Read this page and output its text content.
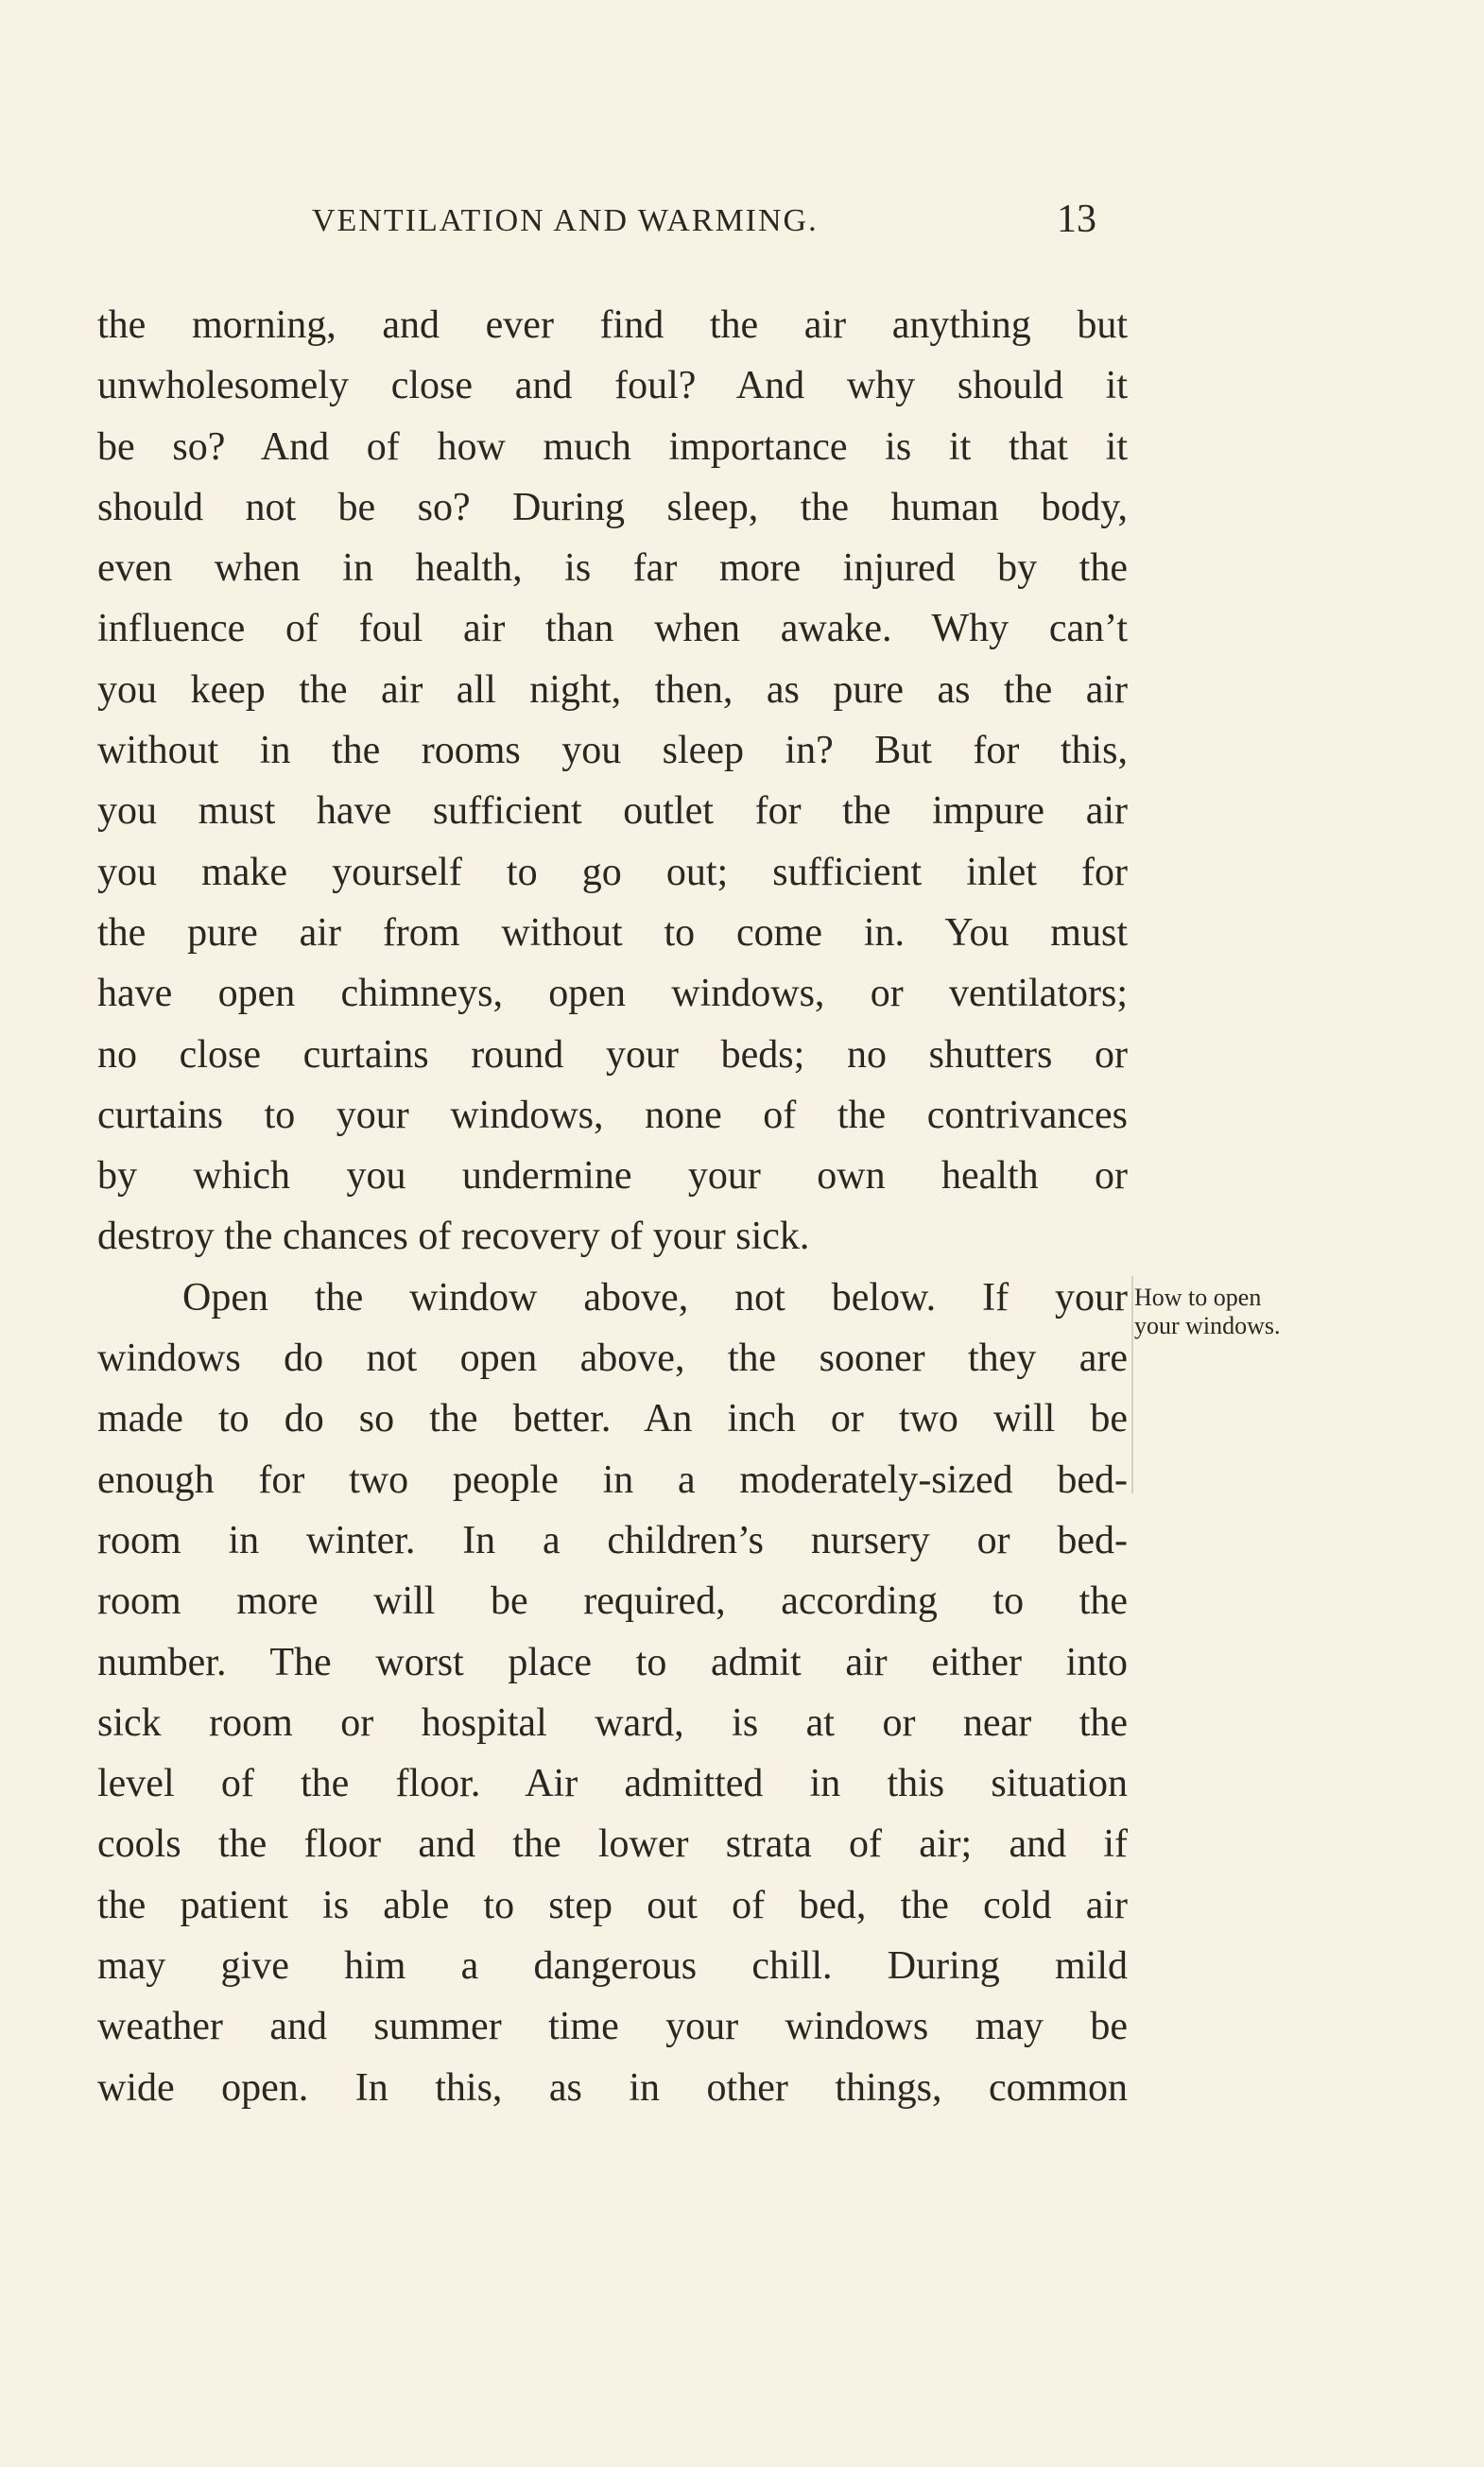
VENTILATION AND WARMING.	13
the morning, and ever find the air anything but
unwholesomely close and foul? And why should it
be so? And of how much importance is it that it
should not be so? During sleep, the human body,
even when in health, is far more injured by the
influence of foul air than when awake. Why can’t
you keep the air all night, then, as pure as the air
without in the rooms you sleep in? But for this,
you must have sufficient outlet for the impure air
you make yourself to go out; sufficient inlet for
the pure air from without to come in. You must
have open chimneys, open windows, or ventilators;
no close curtains round your beds; no shutters or
curtains to your windows, none of the contrivances
by which you undermine your own health or
destroy the chances of recovery of your sick.
Open the window above, not below. If your
windows do not open above, the sooner they are
made to do so the better. An inch or two will be
enough for two people in a moderately-sized bed-
room in winter. In a children’s nursery or bed-
room more will be required, according to the
number. The worst place to admit air either into
sick room or hospital ward, is at or near the
level of the floor. Air admitted in this situation
cools the floor and the lower strata of air; and if
the patient is able to step out of bed, the cold air
may give him a dangerous chill. During mild
weather and summer time your windows may be
wide open. In this, as in other things, common
How to open
your windows.
